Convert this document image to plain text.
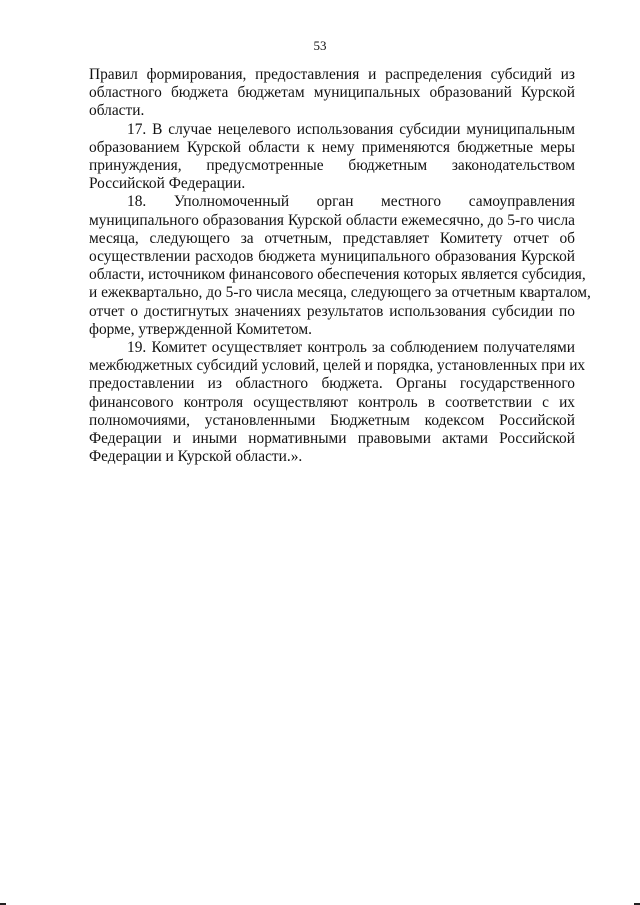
53
Правил формирования, предоставления и распределения субсидий из
областного бюджета бюджетам муниципальных образований Курской
области.
17. В случае нецелевого использования субсидии муниципальным
образованием Курской области к нему применяются бюджетные меры
принуждения, предусмотренные бюджетным законодательством
Российской Федерации.
18. Уполномоченный орган местного самоуправления
муниципального образования Курской области ежемесячно, до 5-го числа
месяца, следующего за отчетным, представляет Комитету отчет об
осуществлении расходов бюджета муниципального образования Курской
области, источником финансового обеспечения которых является субсидия,
и ежеквартально, до 5-го числа месяца, следующего за отчетным кварталом,
отчет о достигнутых значениях результатов использования субсидии по
форме, утвержденной Комитетом.
19. Комитет осуществляет контроль за соблюдением получателями
межбюджетных субсидий условий, целей и порядка, установленных при их
предоставлении из областного бюджета. Органы государственного
финансового контроля осуществляют контроль в соответствии с их
полномочиями, установленными Бюджетным кодексом Российской
Федерации и иными нормативными правовыми актами Российской
Федерации и Курской области.».
